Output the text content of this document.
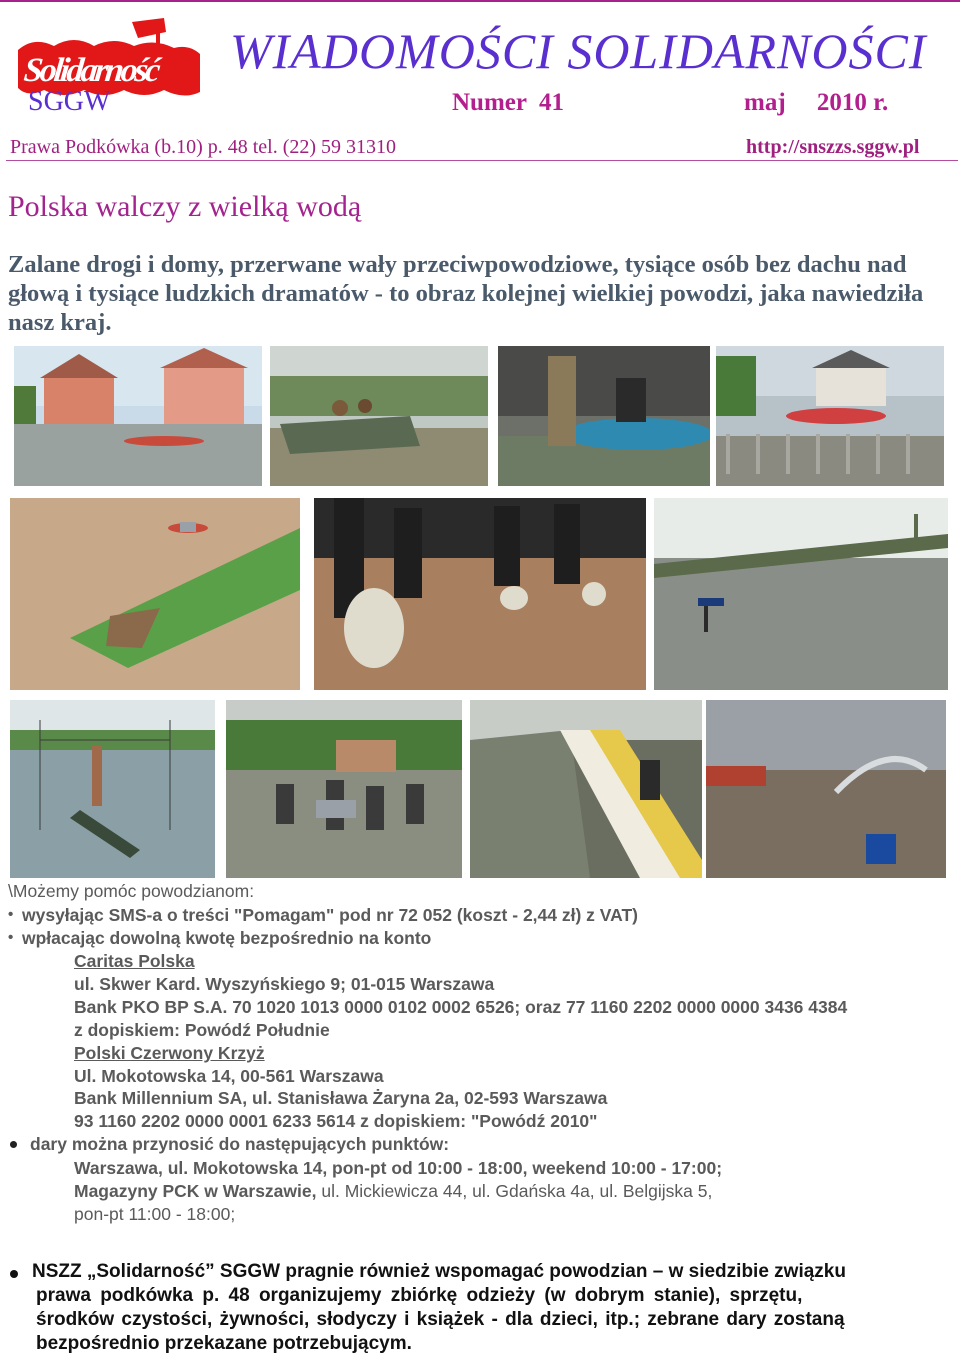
Solidarność WIADOMOŚCI SOLIDARNOŚCI
SGGW	Numer  41	maj     2010 r.
Prawa Podkówka (b.10) p. 48 tel. (22) 59 31310	http://snszzs.sggw.pl
Polska walczy z wielką wodą
Zalane drogi i domy, przerwane wały przeciwpowodziowe, tysiące osób bez dachu nad głową i tysiące ludzkich dramatów - to obraz kolejnej wielkiej powodzi, jaka nawiedziła nasz kraj.
\Możemy pomóc powodzianom:
• wysyłając SMS-a o treści "Pomagam" pod nr 72 052 (koszt - 2,44 zł) z VAT)
• wpłacając dowolną kwotę bezpośrednio na konto
Caritas Polska
ul. Skwer Kard. Wyszyńskiego 9; 01-015 Warszawa
Bank PKO BP S.A. 70 1020 1013 0000 0102 0002 6526; oraz 77 1160 2202 0000 0000 3436 4384
z dopiskiem: Powódź Południe
Polski Czerwony Krzyż
Ul. Mokotowska 14, 00-561 Warszawa
Bank Millennium SA, ul. Stanisława Żaryna 2a, 02-593 Warszawa
93 1160 2202 0000 0001 6233 5614 z dopiskiem: "Powódź 2010"
dary można przynosić do następujących punktów:
Warszawa, ul. Mokotowska 14, pon-pt od 10:00 - 18:00, weekend 10:00 - 17:00;
Magazyny PCK w Warszawie, ul. Mickiewicza 44, ul. Gdańska 4a, ul. Belgijska 5,
pon-pt 11:00 - 18:00;
NSZZ „Solidarność” SGGW pragnie również wspomagać powodzian – w siedzibie związku
prawa podkówka p. 48 organizujemy zbiórkę odzieży (w dobrym stanie), sprzętu,
środków czystości, żywności, słodyczy i książek - dla dzieci, itp.; zebrane dary zostaną
bezpośrednio przekazane potrzebującym.
